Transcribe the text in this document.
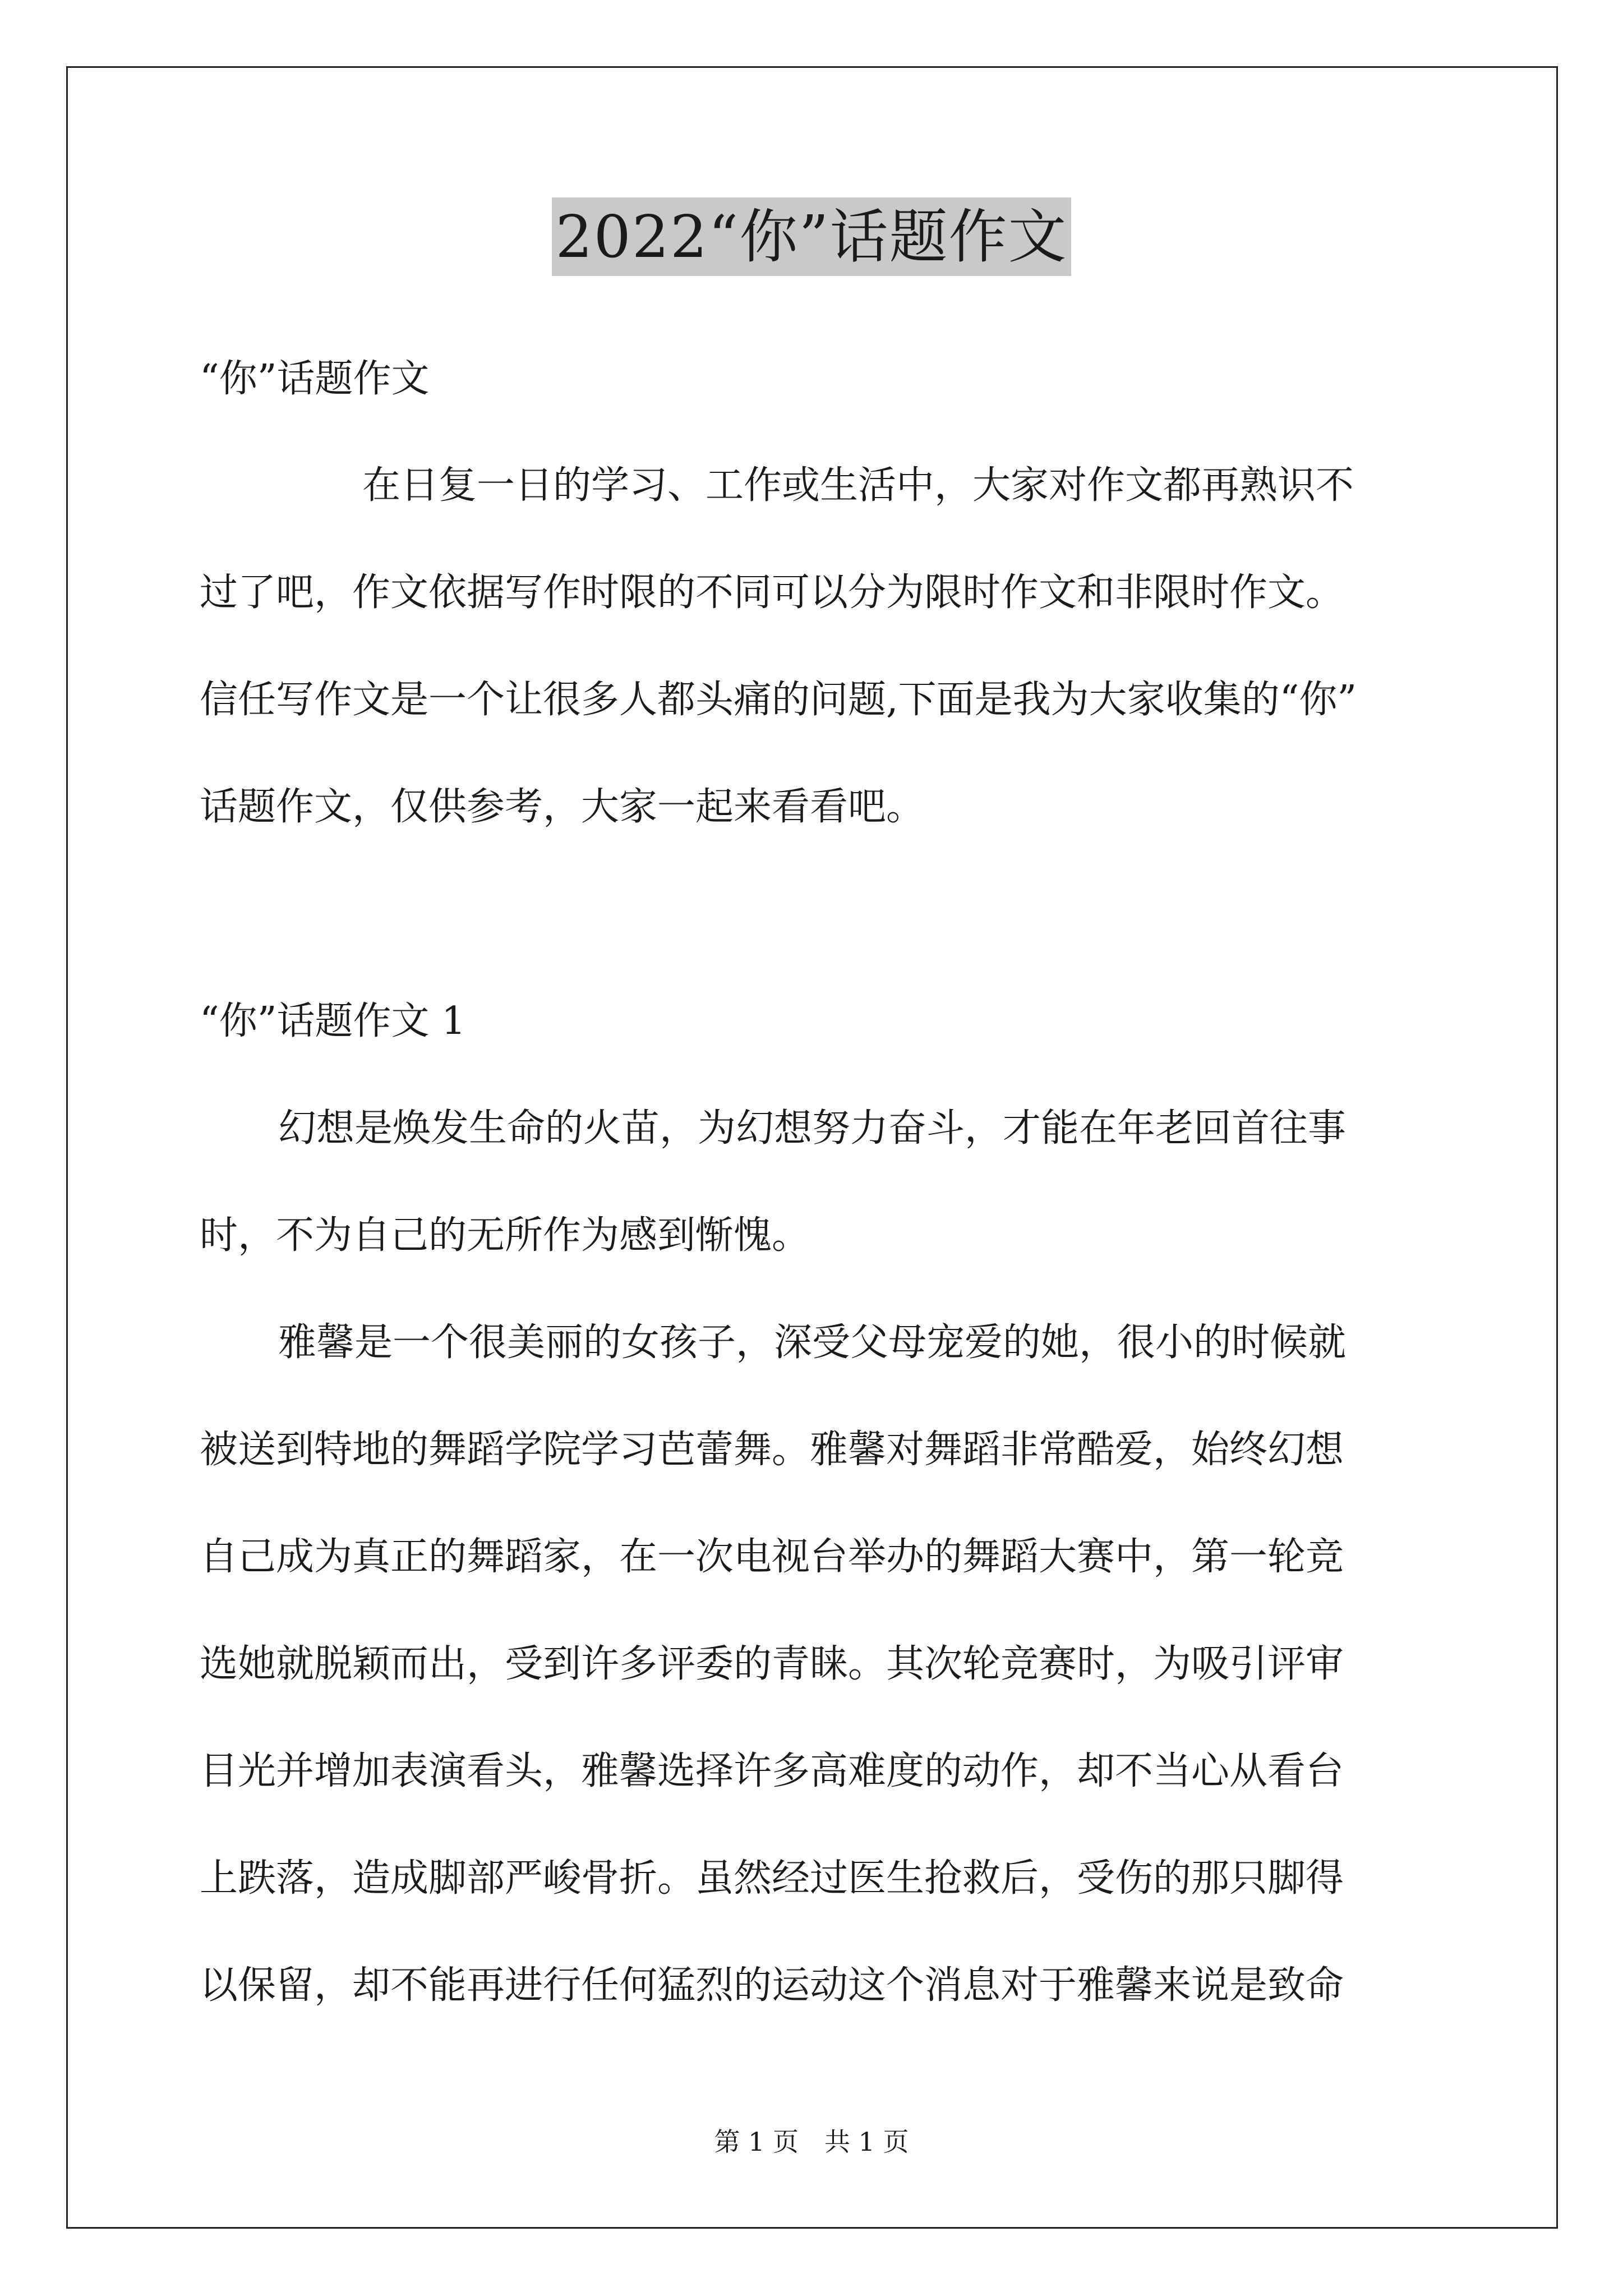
2022“你”话题作文
“你”话题作文
在日复一日的学习、工作或生活中，大家对作文都再熟识不
过了吧，作文依据写作时限的不同可以分为限时作文和非限时作文。
信任写作文是一个让很多人都头痛的问题,下面是我为大家收集的“你”
话题作文，仅供参考，大家一起来看看吧。
“你”话题作文 1
幻想是焕发生命的火苗，为幻想努力奋斗，才能在年老回首往事
时，不为自己的无所作为感到惭愧。
雅馨是一个很美丽的女孩子，深受父母宠爱的她，很小的时候就
被送到特地的舞蹈学院学习芭蕾舞。雅馨对舞蹈非常酷爱，始终幻想
自己成为真正的舞蹈家，在一次电视台举办的舞蹈大赛中，第一轮竞
选她就脱颖而出，受到许多评委的青睐。其次轮竞赛时，为吸引评审
目光并增加表演看头，雅馨选择许多高难度的动作，却不当心从看台
上跌落，造成脚部严峻骨折。虽然经过医生抢救后，受伤的那只脚得
以保留，却不能再进行任何猛烈的运动这个消息对于雅馨来说是致命
第 1 页　共 1 页
